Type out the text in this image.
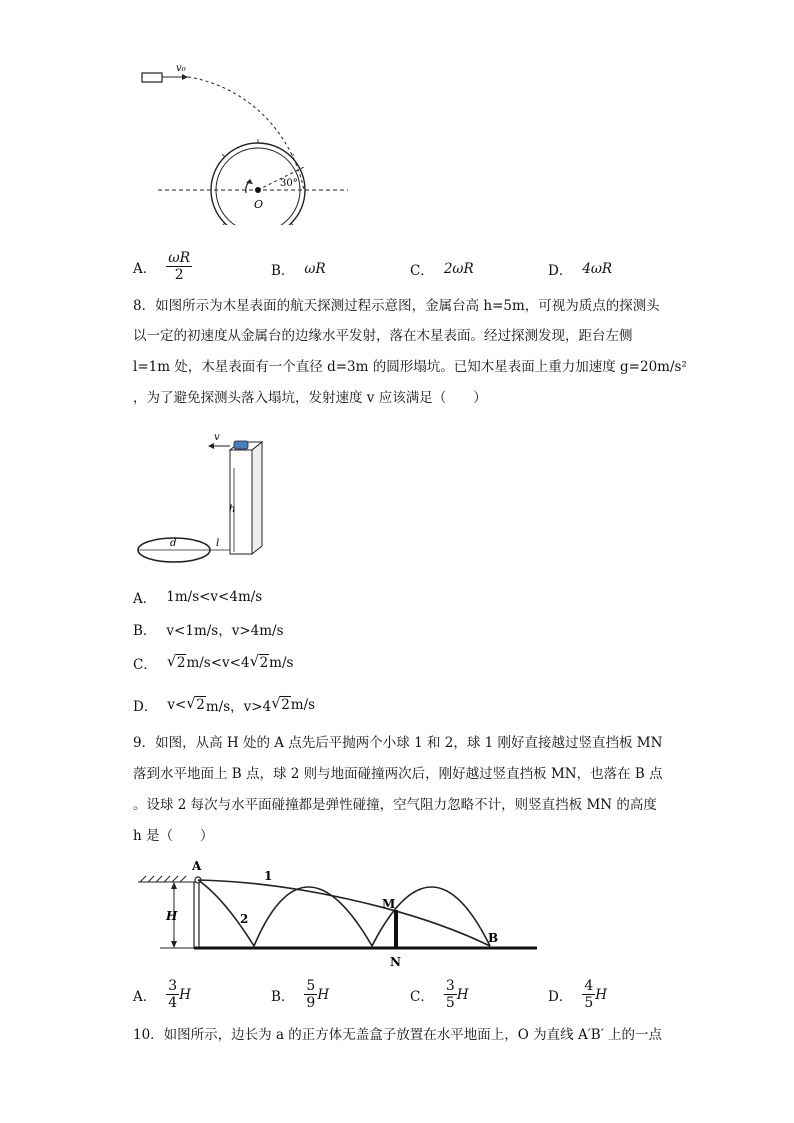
v₀
O
30°
A． $\frac{\omega R}{2}$	B． ωR	C． 2ωR	D． 4ωR
8．如图所示为木星表面的航天探测过程示意图，金属台高 h=5m，可视为质点的探测头
以一定的初速度从金属台的边缘水平发射，落在木星表面。经过探测发现，距台左侧
l=1m 处，木星表面有一个直径 d=3m 的圆形塌坑。已知木星表面上重力加速度 g=20m/s²
，为了避免探测头落入塌坑，发射速度 v 应该满足（　　）
d	l
h
v
A． 1m/s<v<4m/s
B． v<1m/s，v>4m/s
C． √ 2 m/s<v<4 √ 2 m/s
D． v< √ 2 m/s，v>4 √ 2 m/s
9．如图，从高 H 处的 A 点先后平抛两个小球 1 和 2，球 1 刚好直接越过竖直挡板 MN
落到水平地面上 B 点，球 2 则与地面碰撞两次后，刚好越过竖直挡板 MN，也落在 B 点
。设球 2 每次与水平面碰撞都是弹性碰撞，空气阻力忽略不计，则竖直挡板 MN 的高度
h 是（　　）
H
A
1
2
M
N
B
A． $\frac{3}{4}$ H	B． $\frac{5}{9}$ H	C． $\frac{3}{5}$ H	D． $\frac{4}{5}$ H
10．如图所示，边长为 a 的正方体无盖盒子放置在水平地面上，O 为直线 A′B′ 上的一点
